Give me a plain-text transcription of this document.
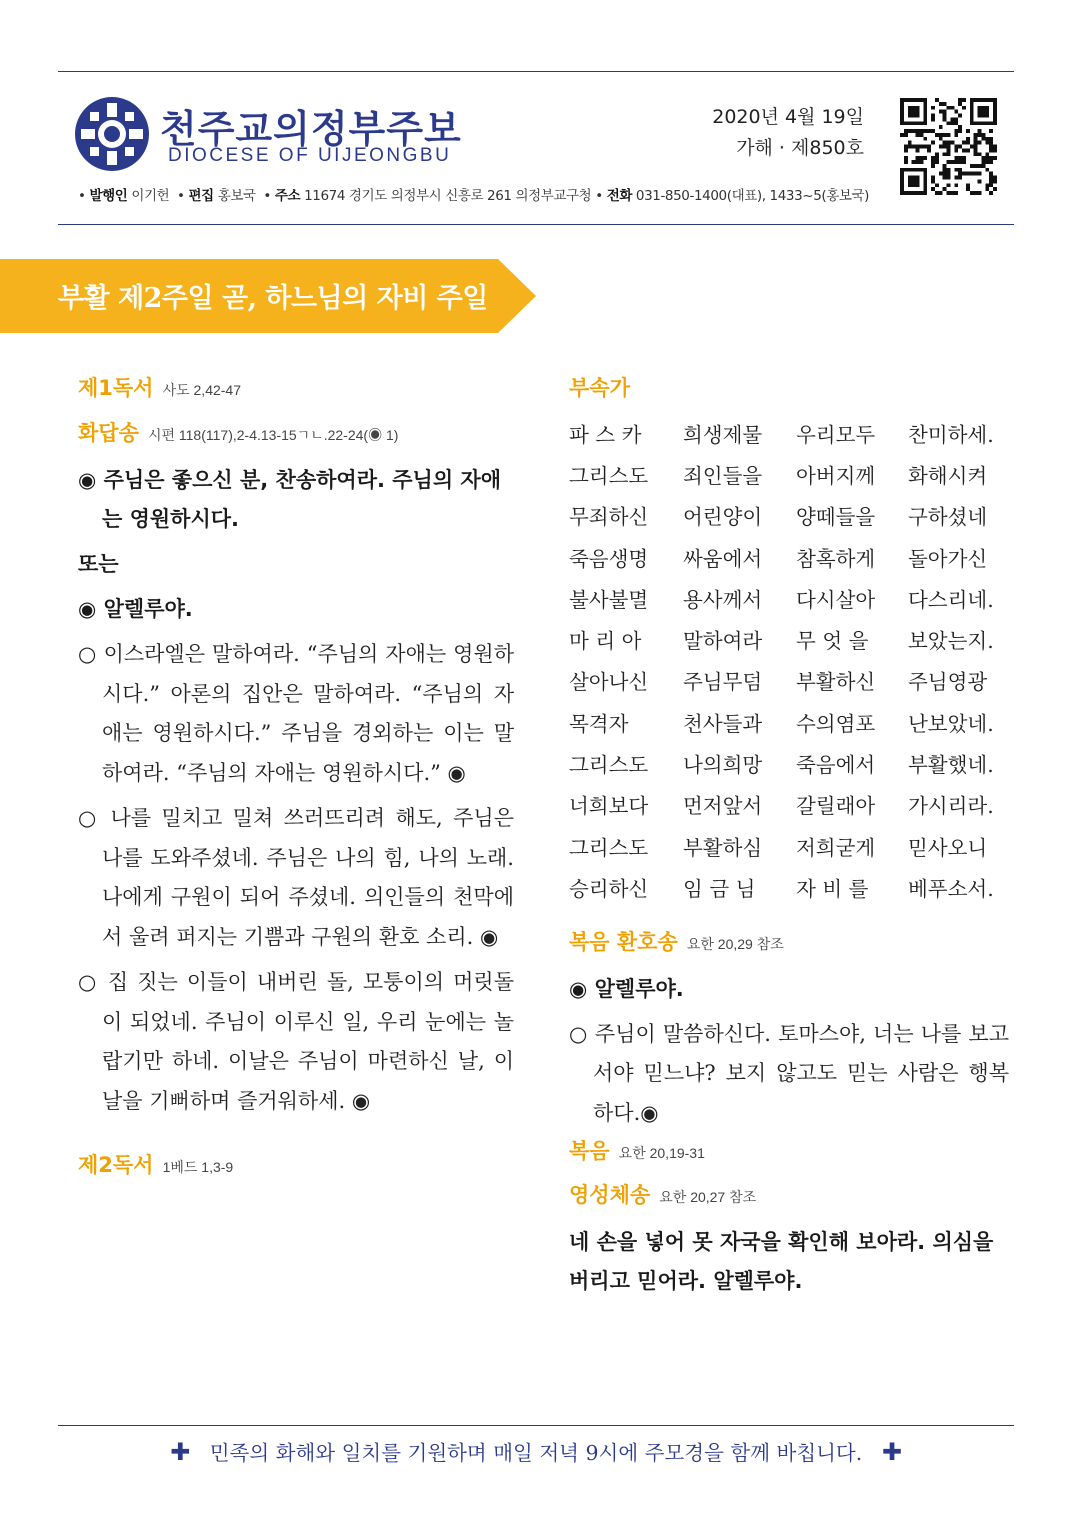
천주교의정부주보
DIOCESE OF UIJEONGBU
2020년 4월 19일
가해 · 제850호
• 발행인 이기헌  • 편집 홍보국  • 주소 11674 경기도 의정부시 신흥로 261 의정부교구청 • 전화 031-850-1400(대표), 1433~5(홍보국)
부활 제2주일 곧, 하느님의 자비 주일
제1독서 사도 2,42-47
화답송 시편 118(117),2-4.13-15ㄱㄴ.22-24(◉ 1)
◉ 주님은 좋으신 분, 찬송하여라. 주님의 자애는 영원하시다.
또는
◉ 알렐루야.
○ 이스라엘은 말하여라. “주님의 자애는 영원하시다.” 아론의 집안은 말하여라. “주님의 자애는 영원하시다.” 주님을 경외하는 이는 말하여라. “주님의 자애는 영원하시다.” ◉
○ 나를 밀치고 밀쳐 쓰러뜨리려 해도, 주님은 나를 도와주셨네. 주님은 나의 힘, 나의 노래. 나에게 구원이 되어 주셨네. 의인들의 천막에서 울려 퍼지는 기쁨과 구원의 환호 소리. ◉
○ 집 짓는 이들이 내버린 돌, 모퉁이의 머릿돌이 되었네. 주님이 이루신 일, 우리 눈에는 놀랍기만 하네. 이날은 주님이 마련하신 날, 이날을 기뻐하며 즐거워하세. ◉
제2독서 1베드 1,3-9
부속가
파 스 카	희생제물	우리모두	찬미하세.
그리스도	죄인들을	아버지께	화해시켜
무죄하신	어린양이	양떼들을	구하셨네
죽음생명	싸움에서	참혹하게	돌아가신
불사불멸	용사께서	다시살아	다스리네.
마 리 아	말하여라	무 엇 을	보았는지.
살아나신	주님무덤	부활하신	주님영광
목격자	천사들과	수의염포	난보았네.
그리스도	나의희망	죽음에서	부활했네.
너희보다	먼저앞서	갈릴래아	가시리라.
그리스도	부활하심	저희굳게	믿사오니
승리하신	임 금 님	자 비 를	베푸소서.
복음 환호송 요한 20,29 참조
◉ 알렐루야.
○ 주님이 말씀하신다. 토마스야, 너는 나를 보고서야 믿느냐? 보지 않고도 믿는 사람은 행복하다.◉
복음 요한 20,19-31
영성체송 요한 20,27 참조
네 손을 넣어 못 자국을 확인해 보아라. 의심을 버리고 믿어라. 알렐루야.
✚ 민족의 화해와 일치를 기원하며 매일 저녁 9시에 주모경을 함께 바칩니다. ✚
